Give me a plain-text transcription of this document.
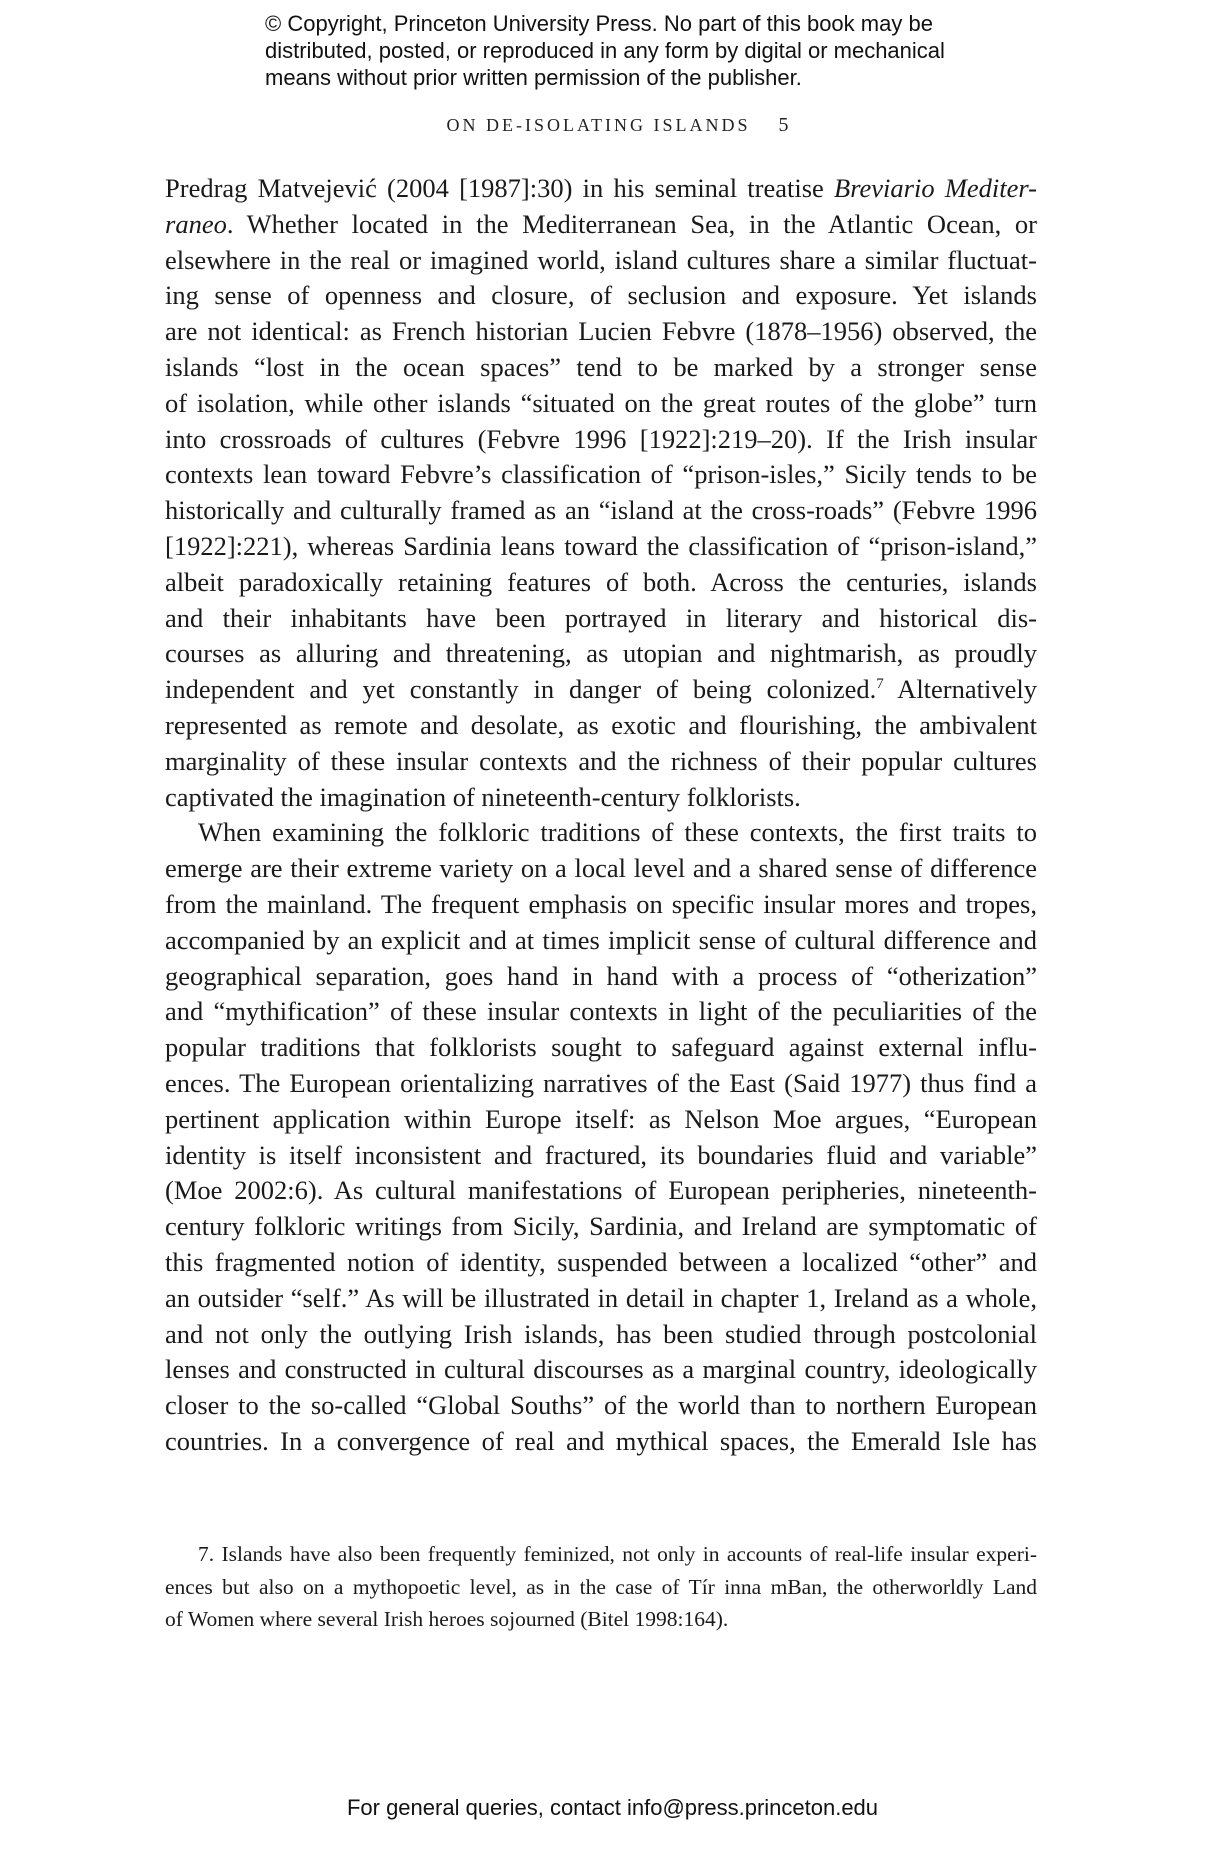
© Copyright, Princeton University Press. No part of this book may be

distributed, posted, or reproduced in any form by digital or mechanical

means without prior written permission of the publisher.

ON DE-ISOLATING ISLANDS 5
Predrag Matvejević (2004 [1987]:30) in his seminal treatise Breviario Mediter-
raneo. Whether located in the Mediterranean Sea, in the Atlantic Ocean, or
elsewhere in the real or imagined world, island cultures share a similar fluctuat-
ing sense of openness and closure, of seclusion and exposure. Yet islands
are not identical: as French historian Lucien Febvre (1878–1956) observed, the
islands “lost in the ocean spaces” tend to be marked by a stronger sense
of isolation, while other islands “situated on the great routes of the globe” turn
into crossroads of cultures (Febvre 1996 [1922]:219–20). If the Irish insular
contexts lean toward Febvre’s classification of “prison-isles,” Sicily tends to be
historically and culturally framed as an “island at the cross-roads” (Febvre 1996
[1922]:221), whereas Sardinia leans toward the classification of “prison-island,”
albeit paradoxically retaining features of both. Across the centuries, islands
and their inhabitants have been portrayed in literary and historical dis-
courses as alluring and threatening, as utopian and nightmarish, as proudly
independent and yet constantly in danger of being colonized.$^7$ Alternatively
represented as remote and desolate, as exotic and flourishing, the ambivalent
marginality of these insular contexts and the richness of their popular cultures
captivated the imagination of nineteenth-century folklorists.
When examining the folkloric traditions of these contexts, the first traits to
emerge are their extreme variety on a local level and a shared sense of difference
from the mainland. The frequent emphasis on specific insular mores and tropes,
accompanied by an explicit and at times implicit sense of cultural difference and
geographical separation, goes hand in hand with a process of “otherization”
and “mythification” of these insular contexts in light of the peculiarities of the
popular traditions that folklorists sought to safeguard against external influ-
ences. The European orientalizing narratives of the East (Said 1977) thus find a
pertinent application within Europe itself: as Nelson Moe argues, “European
identity is itself inconsistent and fractured, its boundaries fluid and variable”
(Moe 2002:6). As cultural manifestations of European peripheries, nineteenth-
century folkloric writings from Sicily, Sardinia, and Ireland are symptomatic of
this fragmented notion of identity, suspended between a localized “other” and
an outsider “self.” As will be illustrated in detail in chapter 1, Ireland as a whole,
and not only the outlying Irish islands, has been studied through postcolonial
lenses and constructed in cultural discourses as a marginal country, ideologically
closer to the so-called “Global Souths” of the world than to northern European
countries. In a convergence of real and mythical spaces, the Emerald Isle has
7. Islands have also been frequently feminized, not only in accounts of real-life insular experi-
ences but also on a mythopoetic level, as in the case of Tír inna mBan, the otherworldly Land
of Women where several Irish heroes sojourned (Bitel 1998:164).
For general queries, contact info@press.princeton.edu
